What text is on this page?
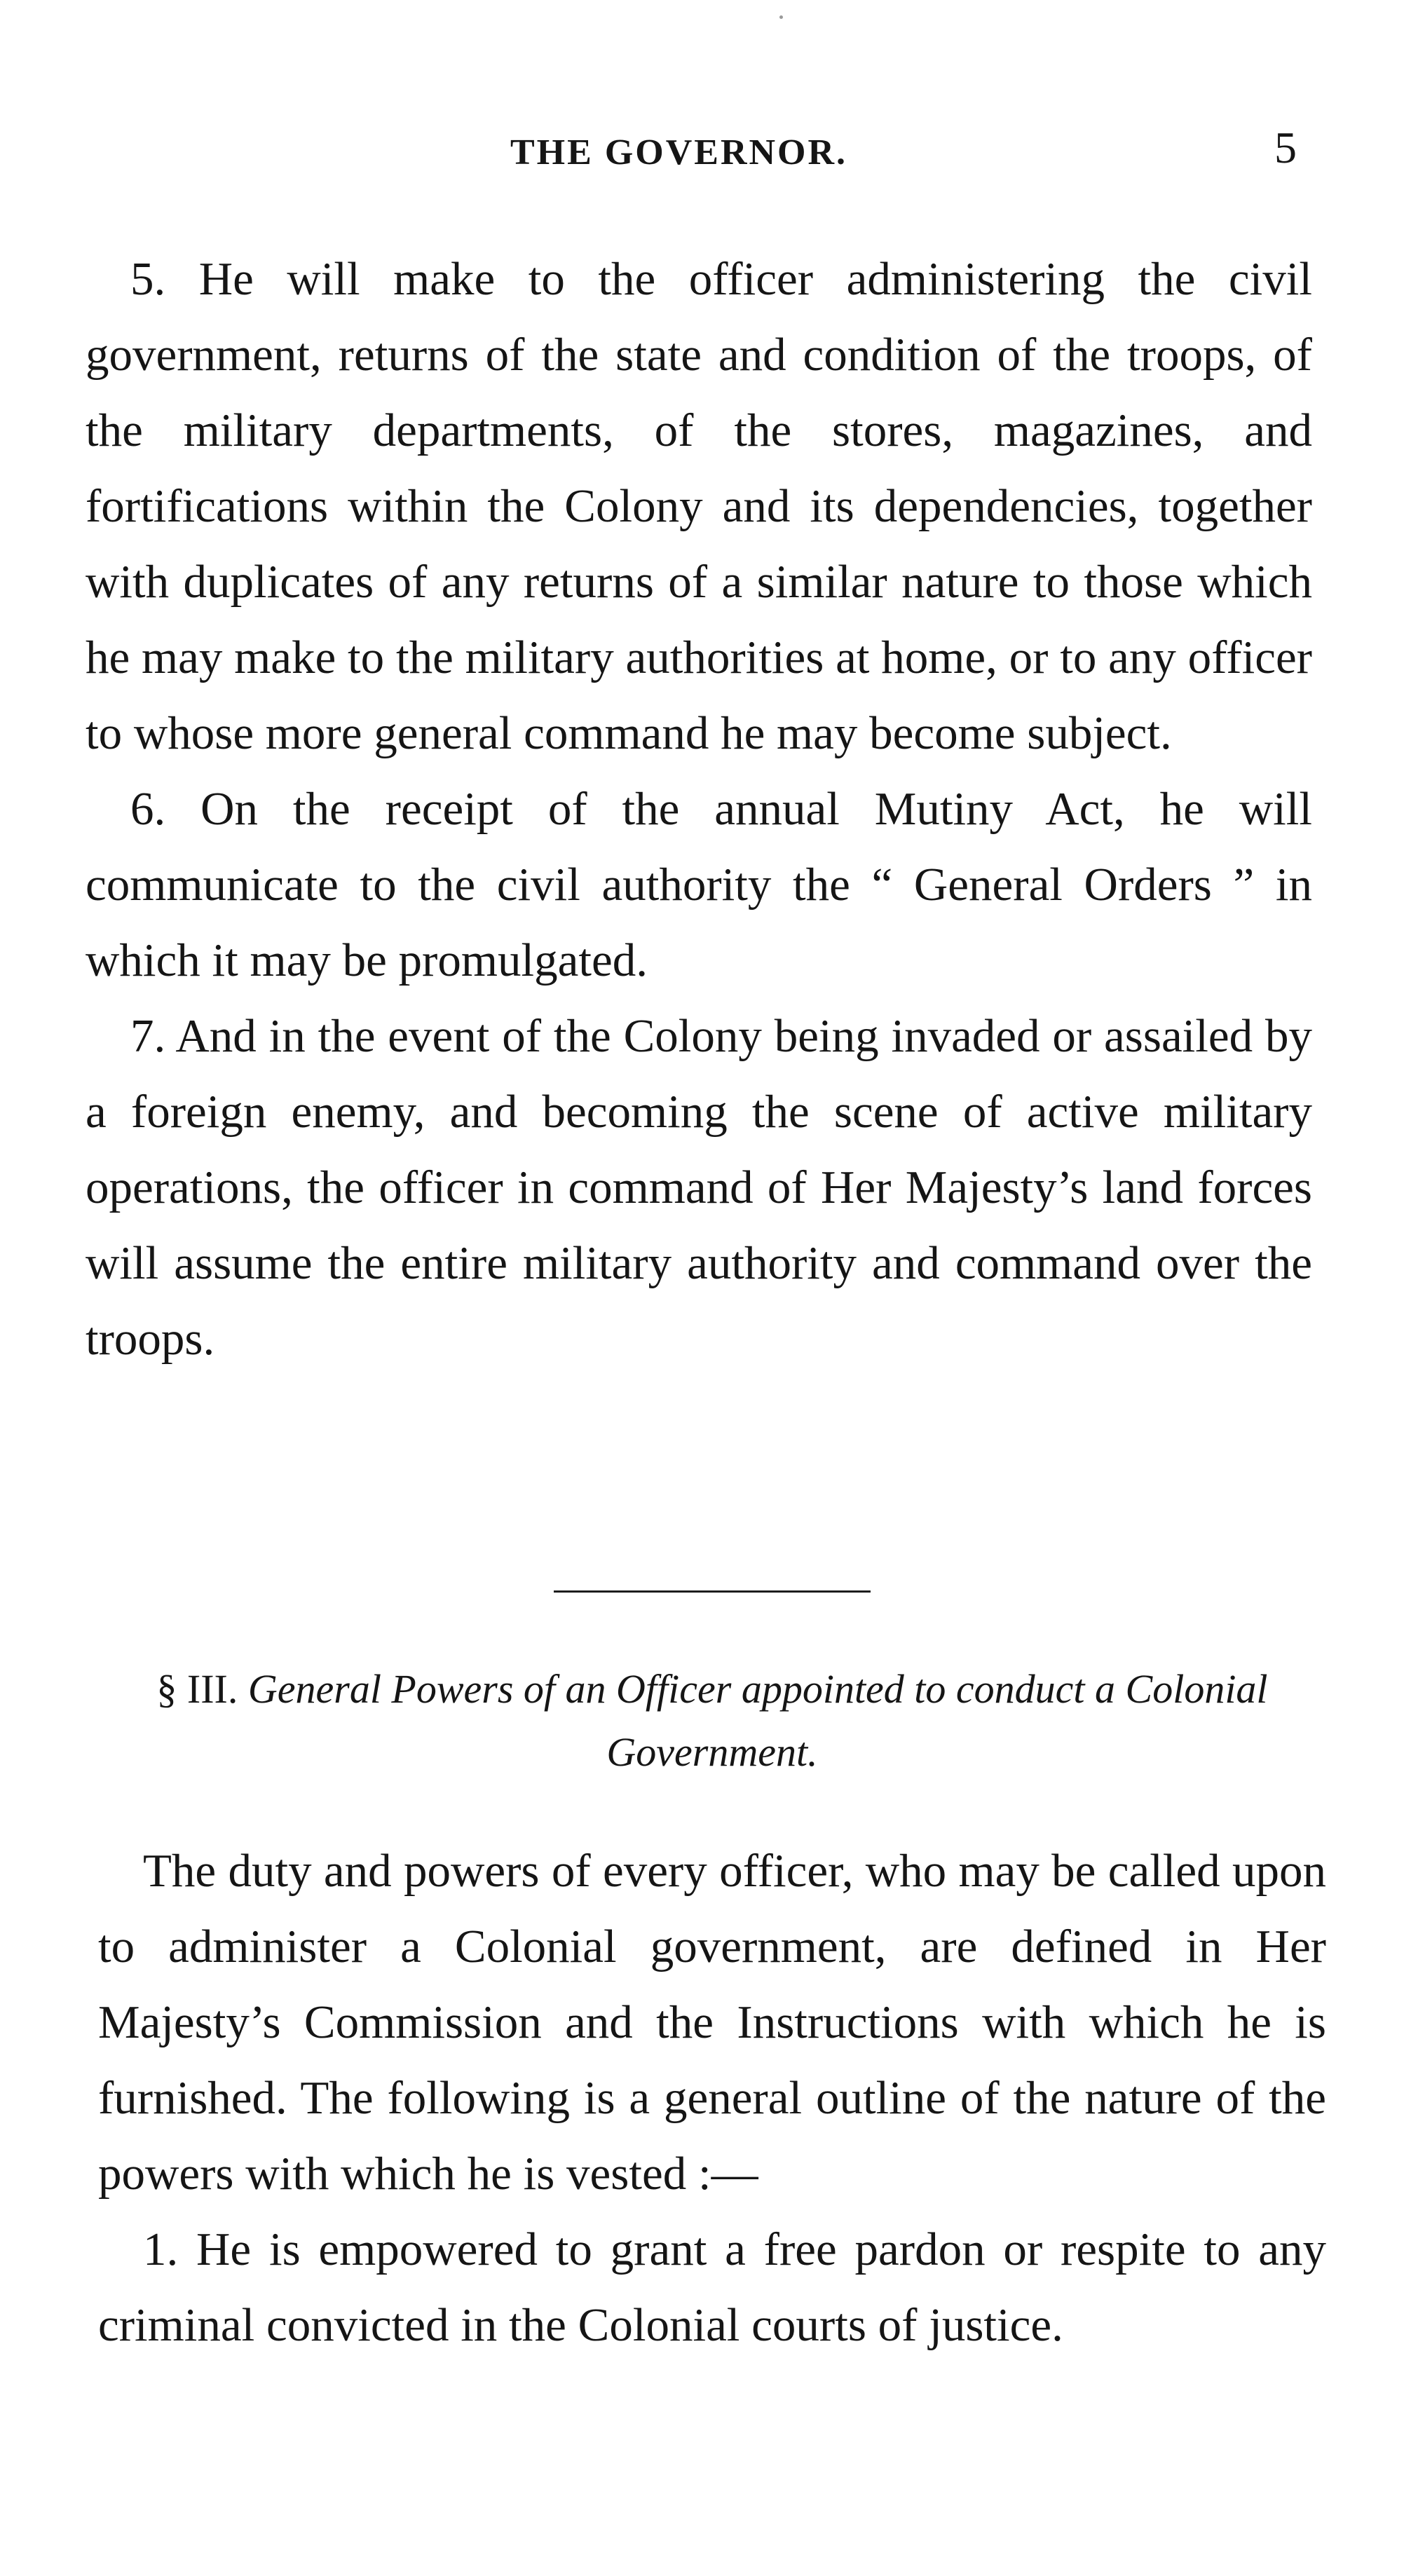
THE GOVERNOR.	5

5. He will make to the officer administering the civil government, returns of the state and condition of the troops, of the military departments, of the stores, magazines, and fortifications within the Colony and its dependencies, together with duplicates of any returns of a similar nature to those which he may make to the military authorities at home, or to any officer to whose more general command he may become subject.

6. On the receipt of the annual Mutiny Act, he will communicate to the civil authority the “ General Orders ” in which it may be promulgated.

7. And in the event of the Colony being invaded or assailed by a foreign enemy, and becoming the scene of active military operations, the officer in command of Her Majesty’s land forces will assume the entire military authority and command over the troops.

§ III. General Powers of an Officer appointed to conduct a Colonial Government.

The duty and powers of every officer, who may be called upon to administer a Colonial government, are defined in Her Majesty’s Commission and the Instructions with which he is furnished. The following is a general outline of the nature of the powers with which he is vested :—

1. He is empowered to grant a free pardon or respite to any criminal convicted in the Colonial courts of justice.
